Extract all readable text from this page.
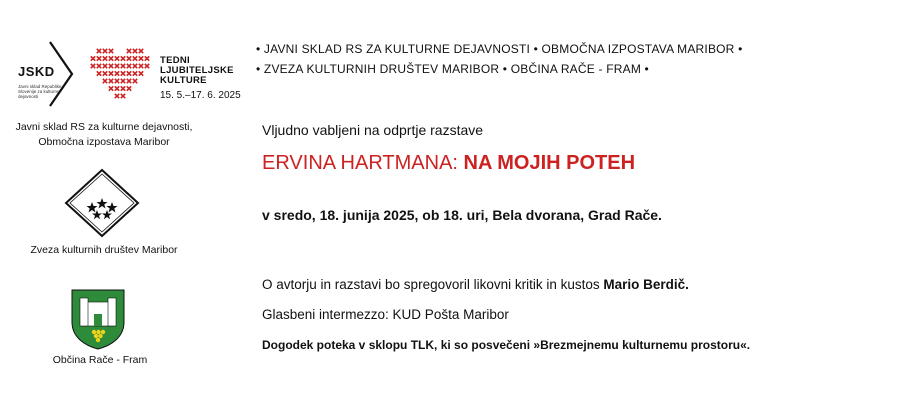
JSKD
Javni sklad Republike Slovenije za kulturne dejavnosti
TEDNI
LJUBITELJSKE
KULTURE
15. 5.–17. 6. 2025
Javni sklad RS za kulturne dejavnosti,
Območna izpostava Maribor
Zveza kulturnih društev Maribor
Občina Rače - Fram
• JAVNI SKLAD RS ZA KULTURNE DEJAVNOSTI • OBMOČNA IZPOSTAVA MARIBOR •
• ZVEZA KULTURNIH DRUŠTEV MARIBOR • OBČINA RAČE - FRAM •
Vljudno vabljeni na odprtje razstave
ERVINA HARTMANA: NA MOJIH POTEH
v sredo, 18. junija 2025, ob 18. uri, Bela dvorana, Grad Rače.
O avtorju in razstavi bo spregovoril likovni kritik in kustos Mario Berdič.
Glasbeni intermezzo: KUD Pošta Maribor
Dogodek poteka v sklopu TLK, ki so posvečeni »Brezmejnemu kulturnemu prostoru«.
